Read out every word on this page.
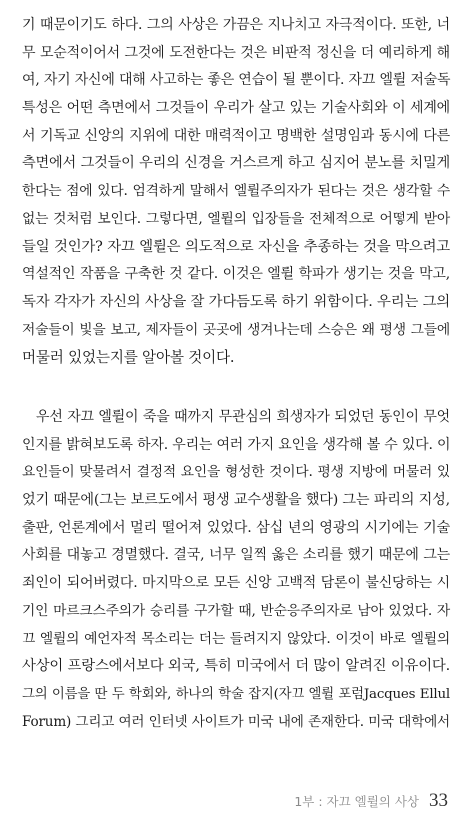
기 때문이기도 하다. 그의 사상은 가끔은 지나치고 자극적이다. 또한, 너
무 모순적이어서 그것에 도전한다는 것은 비판적 정신을 더 예리하게 해
여, 자기 자신에 대해 사고하는 좋은 연습이 될 뿐이다. 자끄 엘륄 저술독
특성은 어떤 측면에서 그것들이 우리가 살고 있는 기술사회와 이 세계에
서 기독교 신앙의 지위에 대한 매력적이고 명백한 설명임과 동시에 다른
측면에서 그것들이 우리의 신경을 거스르게 하고 심지어 분노를 치밀게
한다는 점에 있다. 엄격하게 말해서 엘륄주의자가 된다는 것은 생각할 수
없는 것처럼 보인다. 그렇다면, 엘륄의 입장들을 전체적으로 어떻게 받아
들일 것인가? 자끄 엘륄은 의도적으로 자신을 추종하는 것을 막으려고
역설적인 작품을 구축한 것 같다. 이것은 엘륄 학파가 생기는 것을 막고,
독자 각자가 자신의 사상을 잘 가다듬도록 하기 위함이다. 우리는 그의
저술들이 빛을 보고, 제자들이 곳곳에 생겨나는데 스승은 왜 평생 그들에
머물러 있었는지를 알아볼 것이다.
우선 자끄 엘륄이 죽을 때까지 무관심의 희생자가 되었던 동인이 무엇
인지를 밝혀보도록 하자. 우리는 여러 가지 요인을 생각해 볼 수 있다. 이
요인들이 맞물려서 결정적 요인을 형성한 것이다. 평생 지방에 머물러 있
었기 때문에(그는 보르도에서 평생 교수생활을 했다) 그는 파리의 지성,
출판, 언론계에서 멀리 떨어져 있었다. 삼십 년의 영광의 시기에는 기술
사회를 대놓고 경멸했다. 결국, 너무 일찍 옳은 소리를 했기 때문에 그는
죄인이 되어버렸다. 마지막으로 모든 신앙 고백적 담론이 불신당하는 시
기인 마르크스주의가 승리를 구가할 때, 반순응주의자로 남아 있었다. 자
끄 엘륄의 예언자적 목소리는 더는 들려지지 않았다. 이것이 바로 엘륄의
사상이 프랑스에서보다 외국, 특히 미국에서 더 많이 알려진 이유이다.
그의 이름을 딴 두 학회와, 하나의 학술 잡지(자끄 엘륄 포럼Jacques Ellul
Forum) 그리고 여러 인터넷 사이트가 미국 내에 존재한다. 미국 대학에서
1부 : 자끄 엘륄의 사상 33
